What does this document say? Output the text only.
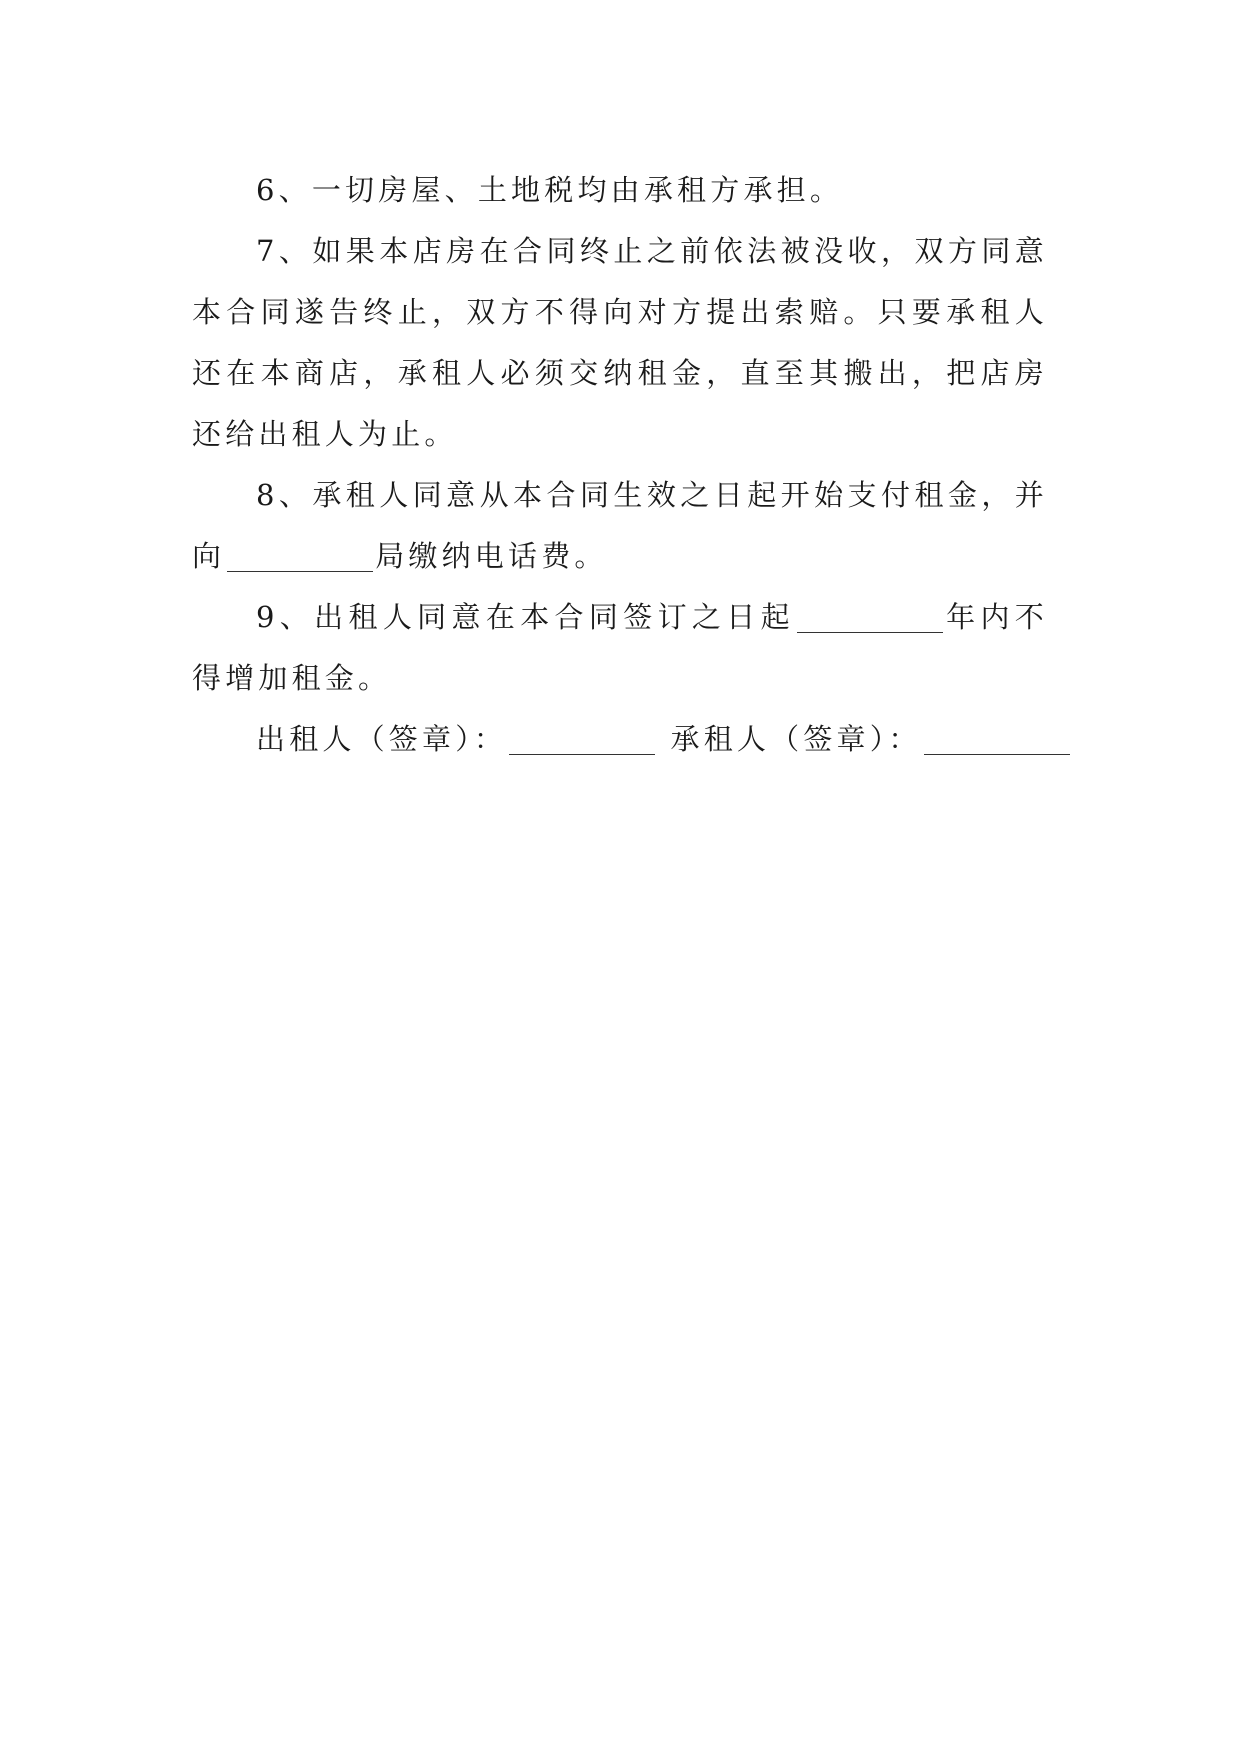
6、一切房屋、土地税均由承租方承担。

7、如果本店房在合同终止之前依法被没收，双方同意本合同遂告终止，双方不得向对方提出索赔。只要承租人还在本商店，承租人必须交纳租金，直至其搬出，把店房还给出租人为止。

8、承租人同意从本合同生效之日起开始支付租金，并向	局缴纳电话费。

9、出租人同意在本合同签订之日起	年内不得增加租金。

出租人（签章）：	承租人（签章）：
